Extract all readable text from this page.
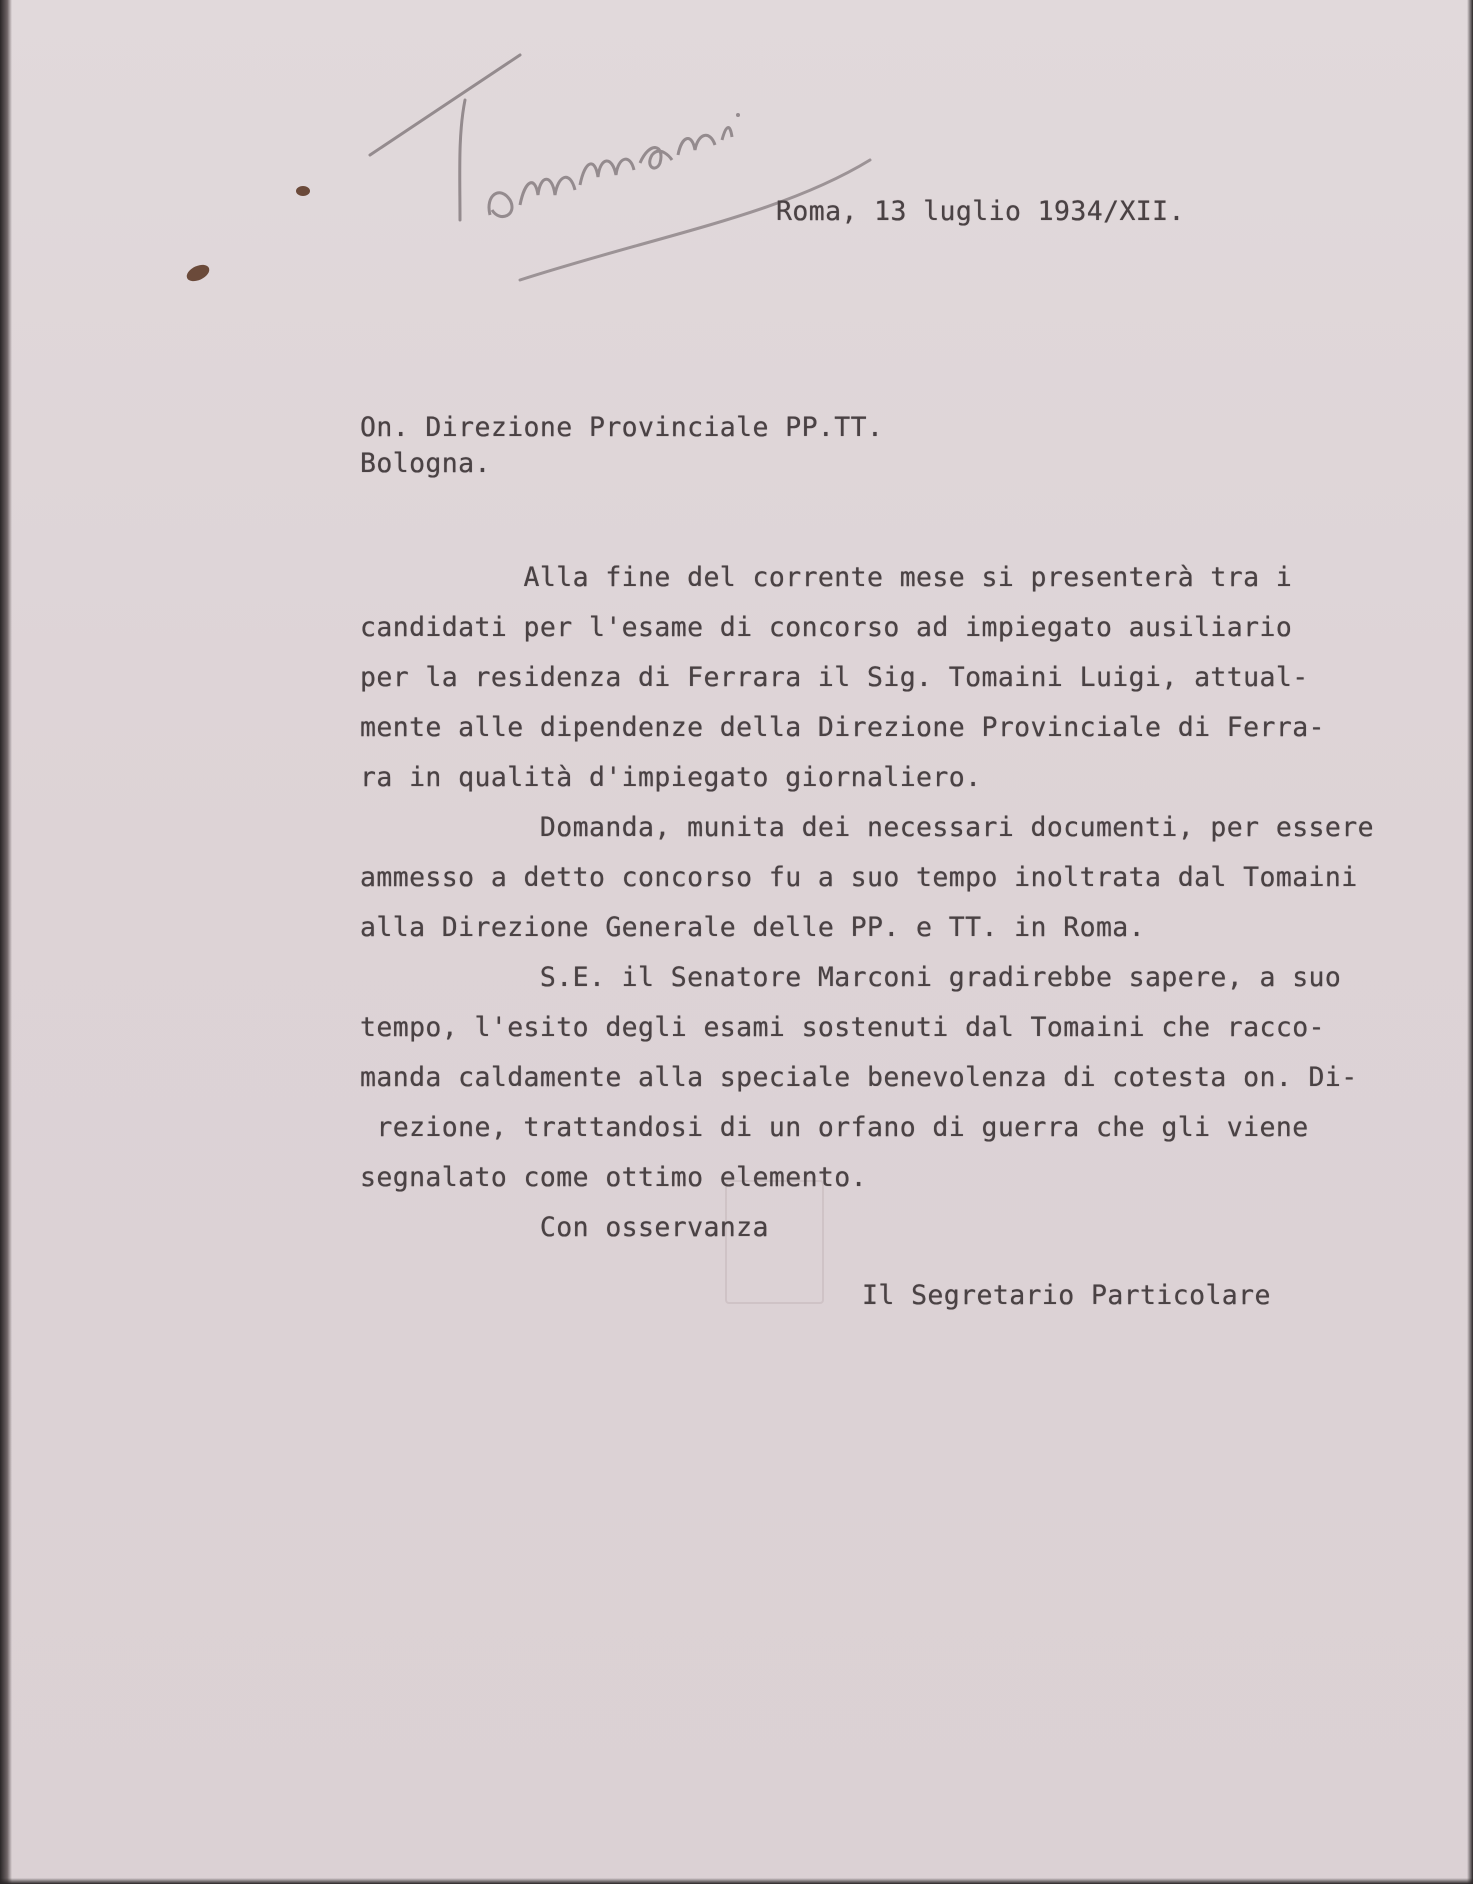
Roma, 13 luglio 1934/XII.
On. Direzione Provinciale PP.TT.
Bologna.
Alla fine del corrente mese si presenterà tra i
candidati per l'esame di concorso ad impiegato ausiliario
per la residenza di Ferrara il Sig. Tomaini Luigi, attual-
mente alle dipendenze della Direzione Provinciale di Ferra-
ra in qualità d'impiegato giornaliero.
Domanda, munita dei necessari documenti, per essere
ammesso a detto concorso fu a suo tempo inoltrata dal Tomaini
alla Direzione Generale delle PP. e TT. in Roma.
S.E. il Senatore Marconi gradirebbe sapere, a suo
tempo, l'esito degli esami sostenuti dal Tomaini che racco-
manda caldamente alla speciale benevolenza di cotesta on. Di-
rezione, trattandosi di un orfano di guerra che gli viene
segnalato come ottimo elemento.
Con osservanza
Il Segretario Particolare
